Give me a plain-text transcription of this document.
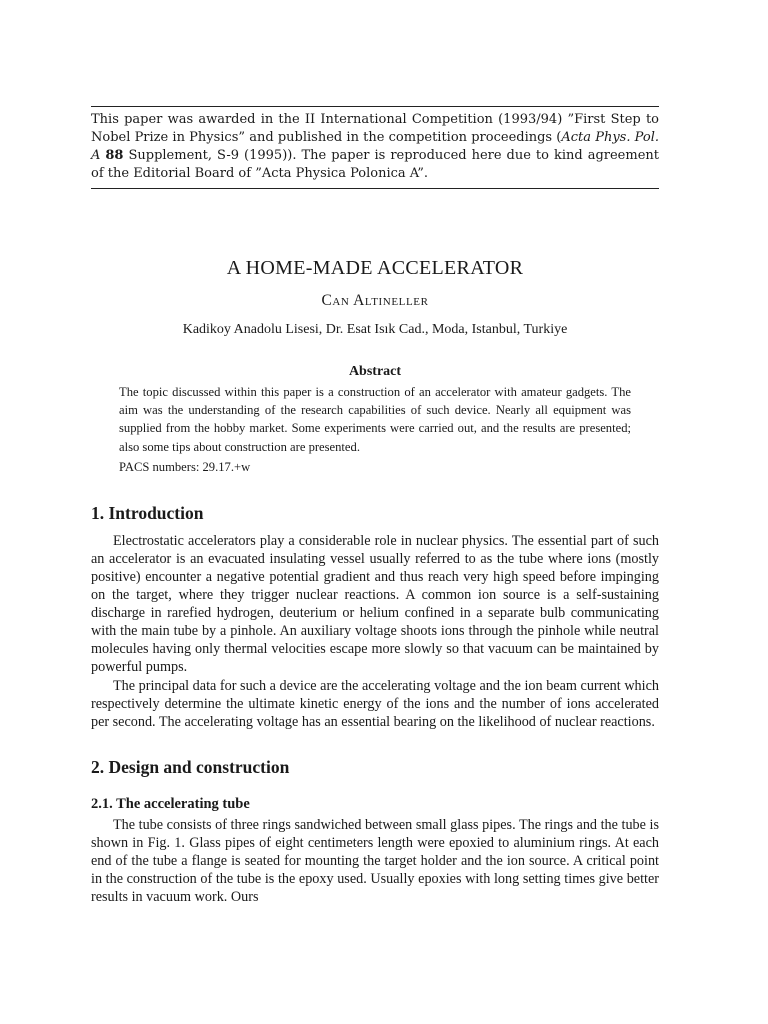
This paper was awarded in the II International Competition (1993/94) ”First Step to Nobel Prize in Physics” and published in the competition proceedings (Acta Phys. Pol. A 88 Supplement, S-9 (1995)). The paper is reproduced here due to kind agreement of the Editorial Board of ”Acta Physica Polonica A”.
A HOME-MADE ACCELERATOR
Can Altineller
Kadikoy Anadolu Lisesi, Dr. Esat Isık Cad., Moda, Istanbul, Turkiye
Abstract
The topic discussed within this paper is a construction of an accelerator with amateur gadgets. The aim was the understanding of the research capabilities of such device. Nearly all equipment was supplied from the hobby market. Some experiments were carried out, and the results are presented; also some tips about construction are presented.
PACS numbers: 29.17.+w
1. Introduction

Electrostatic accelerators play a considerable role in nuclear physics. The essential part of such an accelerator is an evacuated insulating vessel usually referred to as the tube where ions (mostly positive) encounter a negative potential gradient and thus reach very high speed before impinging on the target, where they trigger nuclear reactions. A common ion source is a self-sustaining discharge in rarefied hydrogen, deuterium or helium confined in a separate bulb communicating with the main tube by a pinhole. An auxiliary voltage shoots ions through the pinhole while neutral molecules having only thermal velocities escape more slowly so that vacuum can be maintained by powerful pumps.

The principal data for such a device are the accelerating voltage and the ion beam current which respectively determine the ultimate kinetic energy of the ions and the number of ions accelerated per second. The accelerating voltage has an essential bearing on the likelihood of nuclear reactions.

2. Design and construction
2.1. The accelerating tube

The tube consists of three rings sandwiched between small glass pipes. The rings and the tube is shown in Fig. 1. Glass pipes of eight centimeters length were epoxied to aluminium rings. At each end of the tube a flange is seated for mounting the target holder and the ion source. A critical point in the construction of the tube is the epoxy used. Usually epoxies with long setting times give better results in vacuum work. Ours
